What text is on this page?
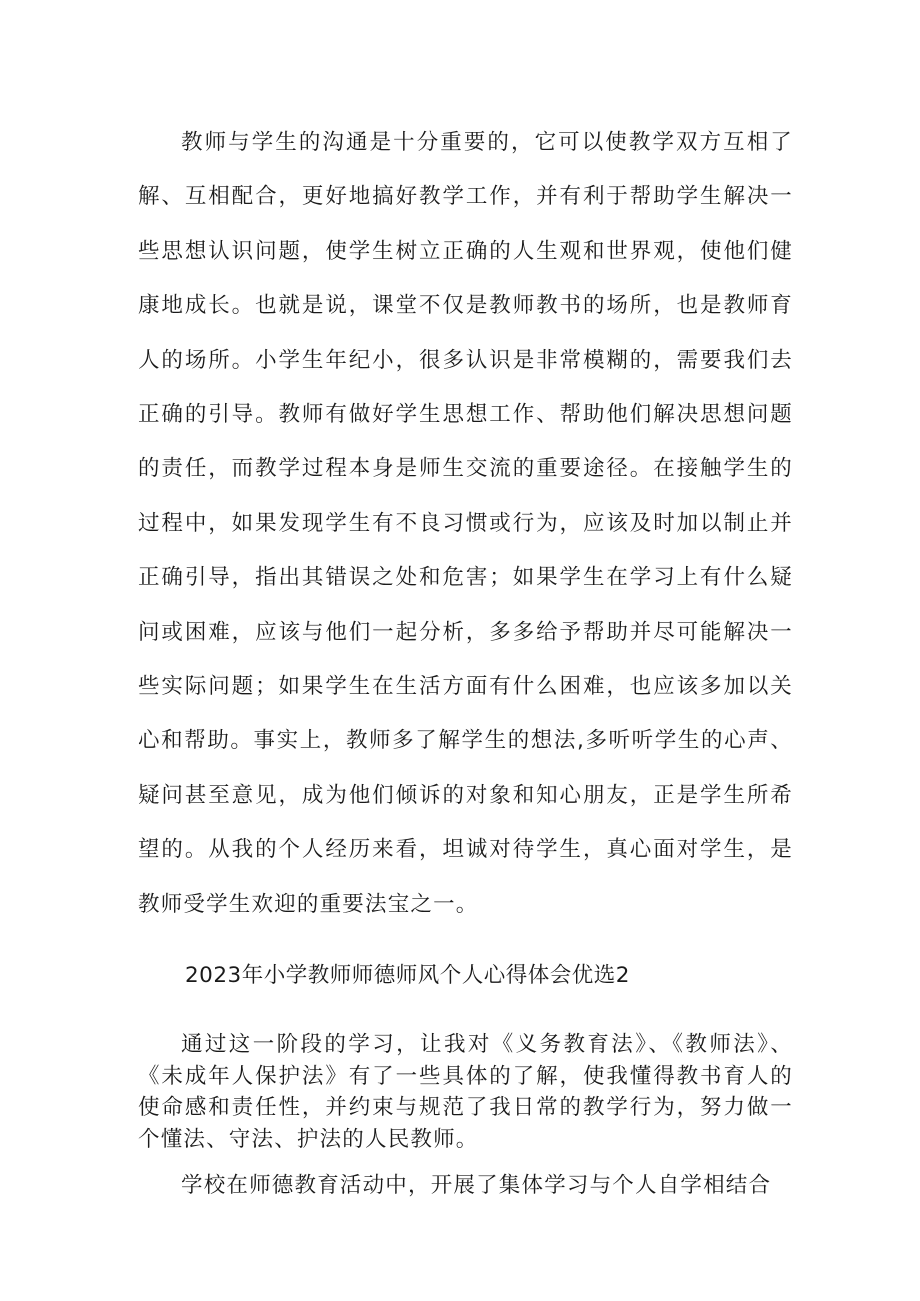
教师与学生的沟通是十分重要的，它可以使教学双方互相了解、互相配合，更好地搞好教学工作，并有利于帮助学生解决一些思想认识问题，使学生树立正确的人生观和世界观，使他们健康地成长。也就是说，课堂不仅是教师教书的场所，也是教师育人的场所。小学生年纪小，很多认识是非常模糊的，需要我们去正确的引导。教师有做好学生思想工作、帮助他们解决思想问题的责任，而教学过程本身是师生交流的重要途径。在接触学生的过程中，如果发现学生有不良习惯或行为，应该及时加以制止并正确引导，指出其错误之处和危害；如果学生在学习上有什么疑问或困难，应该与他们一起分析，多多给予帮助并尽可能解决一些实际问题；如果学生在生活方面有什么困难，也应该多加以关心和帮助。事实上，教师多了解学生的想法,多听听学生的心声、疑问甚至意见，成为他们倾诉的对象和知心朋友，正是学生所希望的。从我的个人经历来看，坦诚对待学生，真心面对学生，是教师受学生欢迎的重要法宝之一。

2023年小学教师师德师风个人心得体会优选2

通过这一阶段的学习，让我对《义务教育法》、《教师法》、《未成年人保护法》有了一些具体的了解，使我懂得教书育人的使命感和责任性，并约束与规范了我日常的教学行为，努力做一个懂法、守法、护法的人民教师。

学校在师德教育活动中，开展了集体学习与个人自学相结合
